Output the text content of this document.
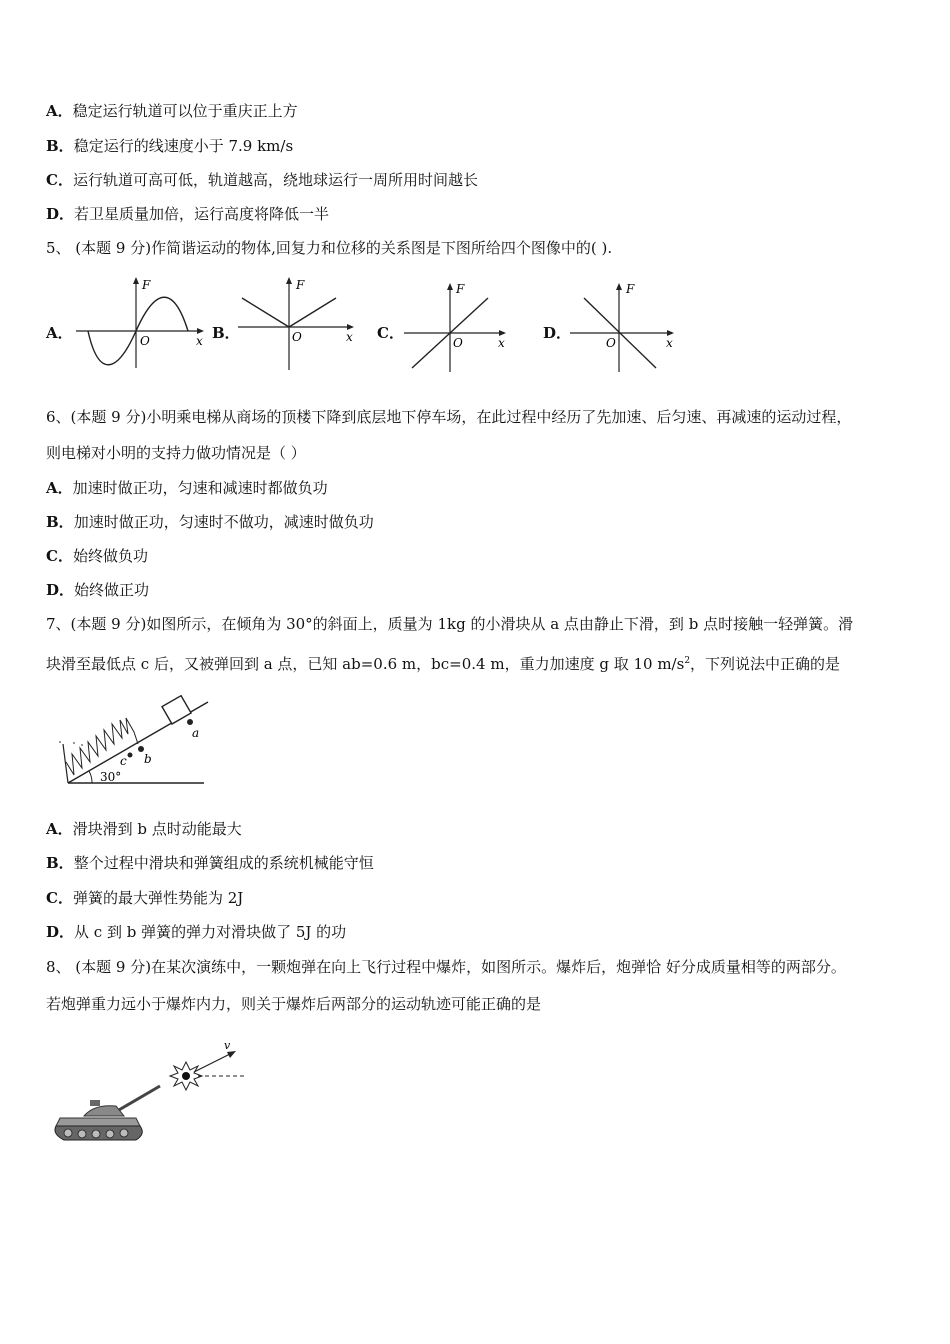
A．稳定运行轨道可以位于重庆正上方
B．稳定运行的线速度小于 7.9 km/s
C．运行轨道可高可低，轨道越高，绕地球运行一周所用时间越长
D．若卫星质量加倍，运行高度将降低一半
5、 (本题 9 分)作简谐运动的物体,回复力和位移的关系图是下图所给四个图像中的( ).
A．	B．	C．	D．
F
O	x
F
O	x
F
O	x
F
O	x
6、(本题 9 分)小明乘电梯从商场的顶楼下降到底层地下停车场，在此过程中经历了先加速、后匀速、再减速的运动过程，
则电梯对小明的支持力做功情况是（ ）
A．加速时做正功，匀速和减速时都做负功
B．加速时做正功，匀速时不做功，减速时做负功
C．始终做负功
D．始终做正功
7、(本题 9 分)如图所示，在倾角为 30°的斜面上，质量为 1kg 的小滑块从 a 点由静止下滑，到 b 点时接触一轻弹簧。滑
块滑至最低点 c 后，又被弹回到 a 点，已知 ab=0.6 m，bc=0.4 m，重力加速度 g 取 10 $m/s^2$，下列说法中正确的是
a
b
c
30°
A．滑块滑到 b 点时动能最大
B．整个过程中滑块和弹簧组成的系统机械能守恒
C．弹簧的最大弹性势能为 2J
D．从 c 到 b 弹簧的弹力对滑块做了 5J 的功
8、 (本题 9 分)在某次演练中，一颗炮弹在向上飞行过程中爆炸，如图所示。爆炸后，炮弹恰 好分成质量相等的两部分。
若炮弹重力远小于爆炸内力，则关于爆炸后两部分的运动轨迹可能正确的是
v
